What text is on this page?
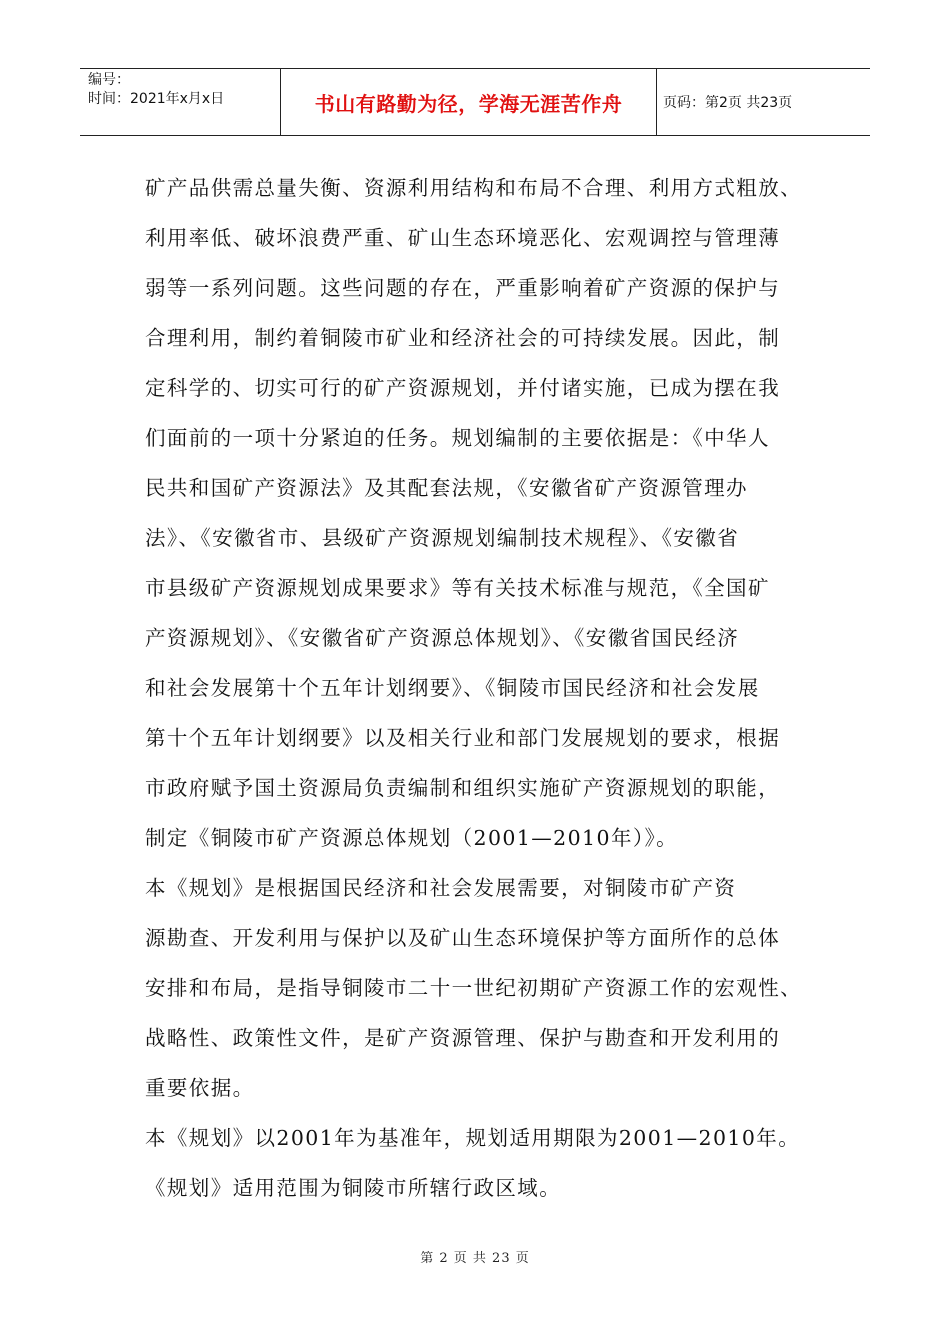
编号：
时间：2021年x月x日	书山有路勤为径，学海无涯苦作舟	页码：第2页 共23页

矿产品供需总量失衡、资源利用结构和布局不合理、利用方式粗放、

利用率低、破坏浪费严重、矿山生态环境恶化、宏观调控与管理薄

弱等一系列问题。这些问题的存在，严重影响着矿产资源的保护与

合理利用，制约着铜陵市矿业和经济社会的可持续发展。因此，制

定科学的、切实可行的矿产资源规划，并付诸实施，已成为摆在我

们面前的一项十分紧迫的任务。规划编制的主要依据是：《中华人

民共和国矿产资源法》及其配套法规，《安徽省矿产资源管理办

法》、《安徽省市、县级矿产资源规划编制技术规程》、《安徽省

市县级矿产资源规划成果要求》等有关技术标准与规范，《全国矿

产资源规划》、《安徽省矿产资源总体规划》、《安徽省国民经济

和社会发展第十个五年计划纲要》、《铜陵市国民经济和社会发展

第十个五年计划纲要》以及相关行业和部门发展规划的要求，根据

市政府赋予国土资源局负责编制和组织实施矿产资源规划的职能，

制定《铜陵市矿产资源总体规划（2001—2010年）》。

本《规划》是根据国民经济和社会发展需要，对铜陵市矿产资

源勘查、开发利用与保护以及矿山生态环境保护等方面所作的总体

安排和布局，是指导铜陵市二十一世纪初期矿产资源工作的宏观性、

战略性、政策性文件，是矿产资源管理、保护与勘查和开发利用的

重要依据。

本《规划》以2001年为基准年，规划适用期限为2001—2010年。

《规划》适用范围为铜陵市所辖行政区域。

第 2 页 共 23 页
